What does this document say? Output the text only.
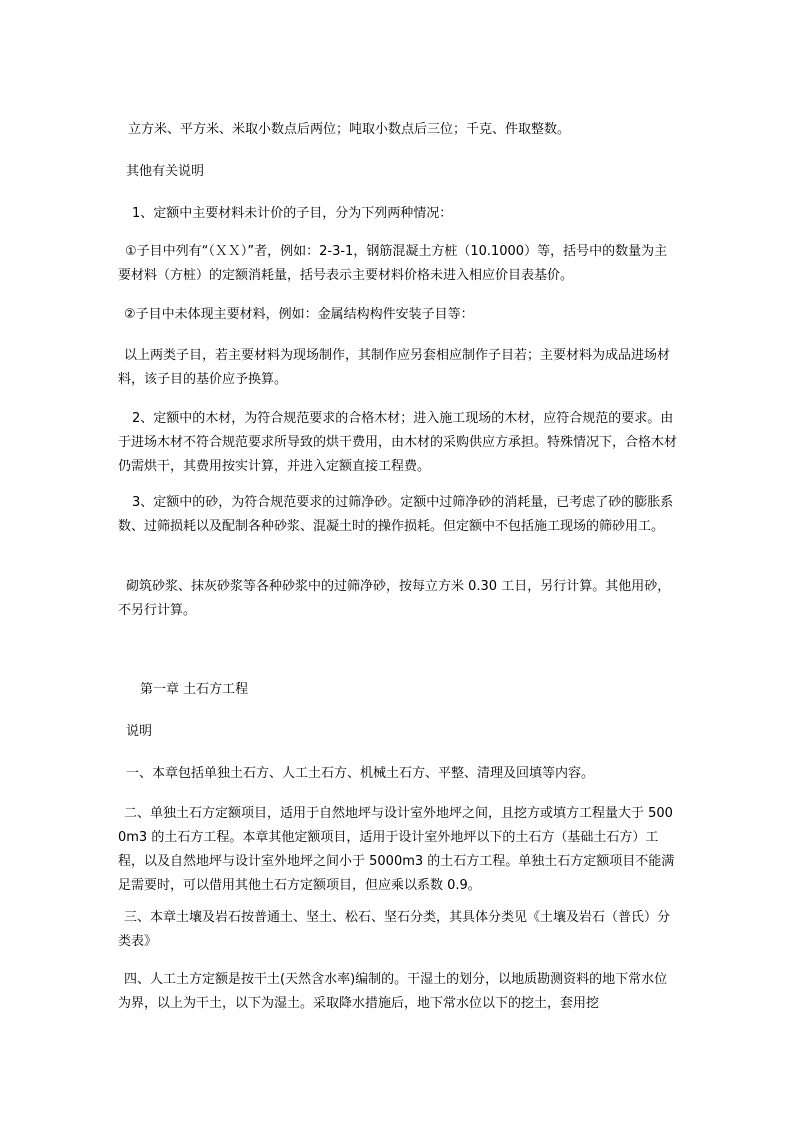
立方米、平方米、米取小数点后两位；吨取小数点后三位；千克、件取整数。

其他有关说明

1、定额中主要材料未计价的子目，分为下列两种情况：

①子目中列有“（ＸＸ）”者，例如：2-3-1，钢筋混凝土方桩（10.1000）等，括号中的数量为主要材料（方桩）的定额消耗量，括号表示主要材料价格未进入相应价目表基价。

②子目中未体现主要材料，例如：金属结构构件安装子目等：

以上两类子目，若主要材料为现场制作，其制作应另套相应制作子目若；主要材料为成品进场材料，该子目的基价应予换算。

2、定额中的木材，为符合规范要求的合格木材；进入施工现场的木材，应符合规范的要求。由于进场木材不符合规范要求所导致的烘干费用，由木材的采购供应方承担。特殊情况下，合格木材仍需烘干，其费用按实计算，并进入定额直接工程费。

3、定额中的砂，为符合规范要求的过筛净砂。定额中过筛净砂的消耗量，已考虑了砂的膨胀系数、过筛损耗以及配制各种砂浆、混凝土时的操作损耗。但定额中不包括施工现场的筛砂用工。

砌筑砂浆、抹灰砂浆等各种砂浆中的过筛净砂，按每立方米 0.30 工日，另行计算。其他用砂，不另行计算。

第一章 土石方工程

说明

一、本章包括单独土石方、人工土石方、机械土石方、平整、清理及回填等内容。

二、单独土石方定额项目，适用于自然地坪与设计室外地坪之间，且挖方或填方工程量大于 5000m3 的土石方工程。本章其他定额项目，适用于设计室外地坪以下的土石方（基础土石方）工程，以及自然地坪与设计室外地坪之间小于 5000m3 的土石方工程。单独土石方定额项目不能满足需要时，可以借用其他土石方定额项目，但应乘以系数 0.9。

三、本章土壤及岩石按普通土、坚土、松石、坚石分类，其具体分类见《土壤及岩石（普氏）分类表》

四、人工土方定额是按干土(天然含水率)编制的。干湿土的划分，以地质勘测资料的地下常水位为界，以上为干土，以下为湿土。采取降水措施后，地下常水位以下的挖土，套用挖
